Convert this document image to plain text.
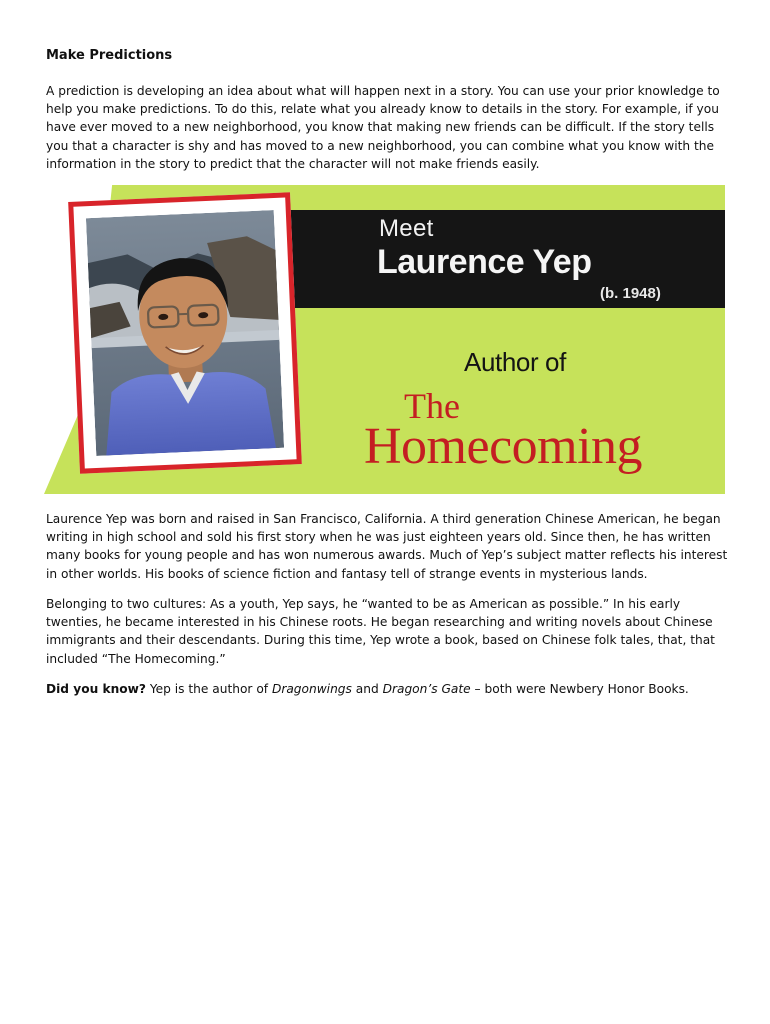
Make Predictions

A prediction is developing an idea about what will happen next in a story. You can use your prior knowledge to help you make predictions. To do this, relate what you already know to details in the story. For example, if you have ever moved to a new neighborhood, you know that making new friends can be difficult. If the story tells you that a character is shy and has moved to a new neighborhood, you can combine what you know with the information in the story to predict that the character will not make friends easily.

Meet
Laurence Yep
(b. 1948)
Author of
The
Homecoming

Laurence Yep was born and raised in San Francisco, California. A third generation Chinese American, he began writing in high school and sold his first story when he was just eighteen years old. Since then, he has written many books for young people and has won numerous awards. Much of Yep’s subject matter reflects his interest in other worlds. His books of science fiction and fantasy tell of strange events in mysterious lands.

Belonging to two cultures: As a youth, Yep says, he “wanted to be as American as possible.” In his early twenties, he became interested in his Chinese roots. He began researching and writing novels about Chinese immigrants and their descendants. During this time, Yep wrote a book, based on Chinese folk tales, that, that included “The Homecoming.”

Did you know? Yep is the author of Dragonwings and Dragon’s Gate – both were Newbery Honor Books.
